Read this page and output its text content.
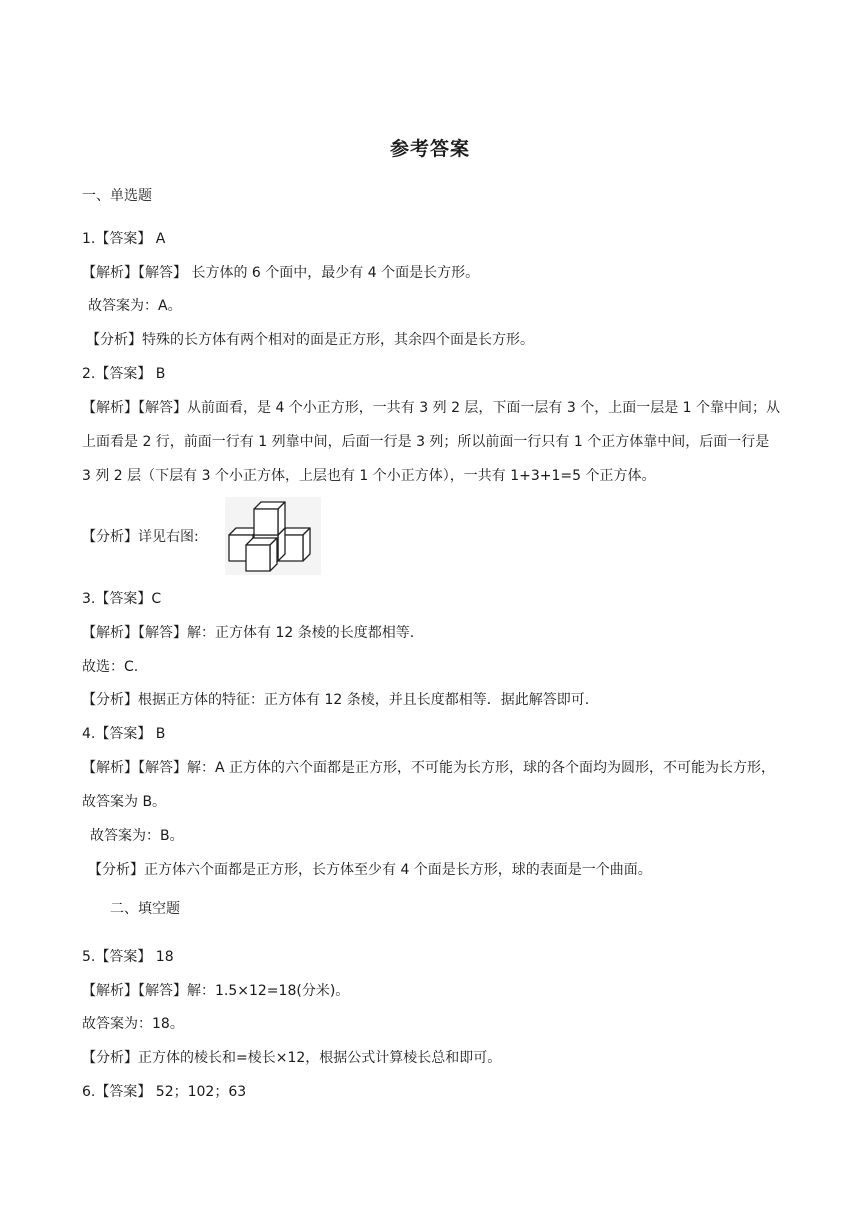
参考答案
一、单选题
1.【答案】 A
【解析】【解答】 长方体的 6 个面中，最少有 4 个面是长方形。
故答案为：A。
【分析】特殊的长方体有两个相对的面是正方形，其余四个面是长方形。
2.【答案】 B
【解析】【解答】从前面看，是 4 个小正方形，一共有 3 列 2 层，下面一层有 3 个，上面一层是 1 个靠中间；从上面看是 2 行，前面一行有 1 列靠中间，后面一行是 3 列；所以前面一行只有 1 个正方体靠中间，后面一行是 3 列 2 层（下层有 3 个小正方体，上层也有 1 个小正方体），一共有 1+3+1=5 个正方体。
【分析】详见右图:
3.【答案】C
【解析】【解答】解：正方体有 12 条棱的长度都相等.
故选：C.
【分析】根据正方体的特征：正方体有 12 条棱，并且长度都相等．据此解答即可.
4.【答案】 B
【解析】【解答】解：A 正方体的六个面都是正方形，不可能为长方形，球的各个面均为圆形，不可能为长方形，故答案为 B。
故答案为：B。
【分析】正方体六个面都是正方形，长方体至少有 4 个面是长方形，球的表面是一个曲面。
二、填空题
5.【答案】 18
【解析】【解答】解：1.5×12=18(分米)。
故答案为：18。
【分析】正方体的棱长和=棱长×12，根据公式计算棱长总和即可。
6.【答案】 52；102；63
